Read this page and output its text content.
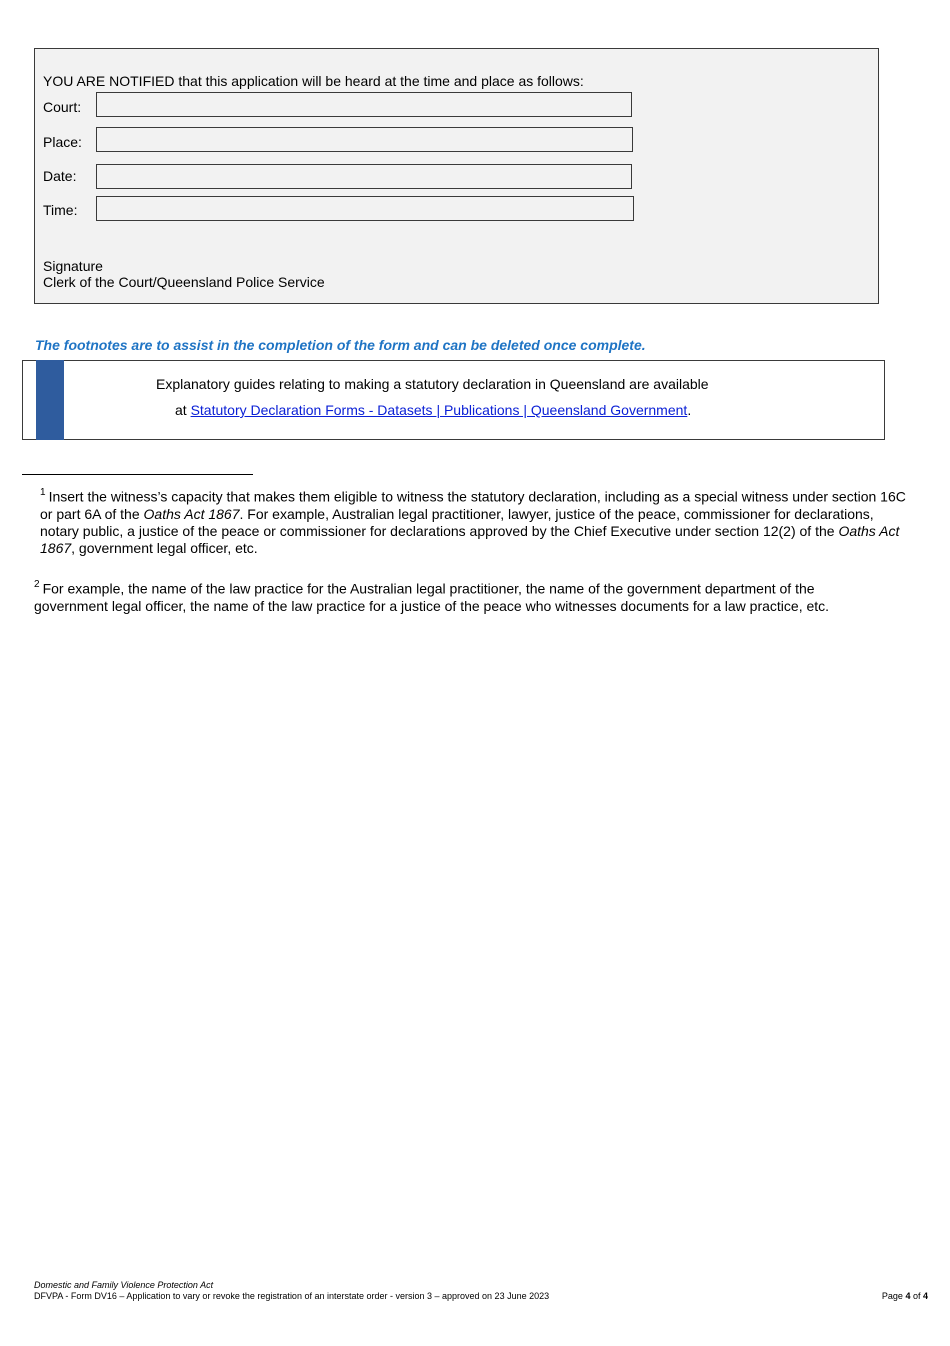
YOU ARE NOTIFIED that this application will be heard at the time and place as follows:
Court:
Place:
Date:
Time:
Signature
Clerk of the Court/Queensland Police Service
The footnotes are to assist in the completion of the form and can be deleted once complete.
Explanatory guides relating to making a statutory declaration in Queensland are available
at Statutory Declaration Forms - Datasets | Publications | Queensland Government.
$^1$ Insert the witness’s capacity that makes them eligible to witness the statutory declaration, including as a special witness under section 16C or part 6A of the Oaths Act 1867. For example, Australian legal practitioner, lawyer, justice of the peace, commissioner for declarations, notary public, a justice of the peace or commissioner for declarations approved by the Chief Executive under section 12(2) of the Oaths Act 1867, government legal officer, etc.
$^2$ For example, the name of the law practice for the Australian legal practitioner, the name of the government department of the government legal officer, the name of the law practice for a justice of the peace who witnesses documents for a law practice, etc.
Domestic and Family Violence Protection Act
DFVPA - Form DV16 – Application to vary or revoke the registration of an interstate order - version 3 – approved on 23 June 2023	Page 4 of 4
